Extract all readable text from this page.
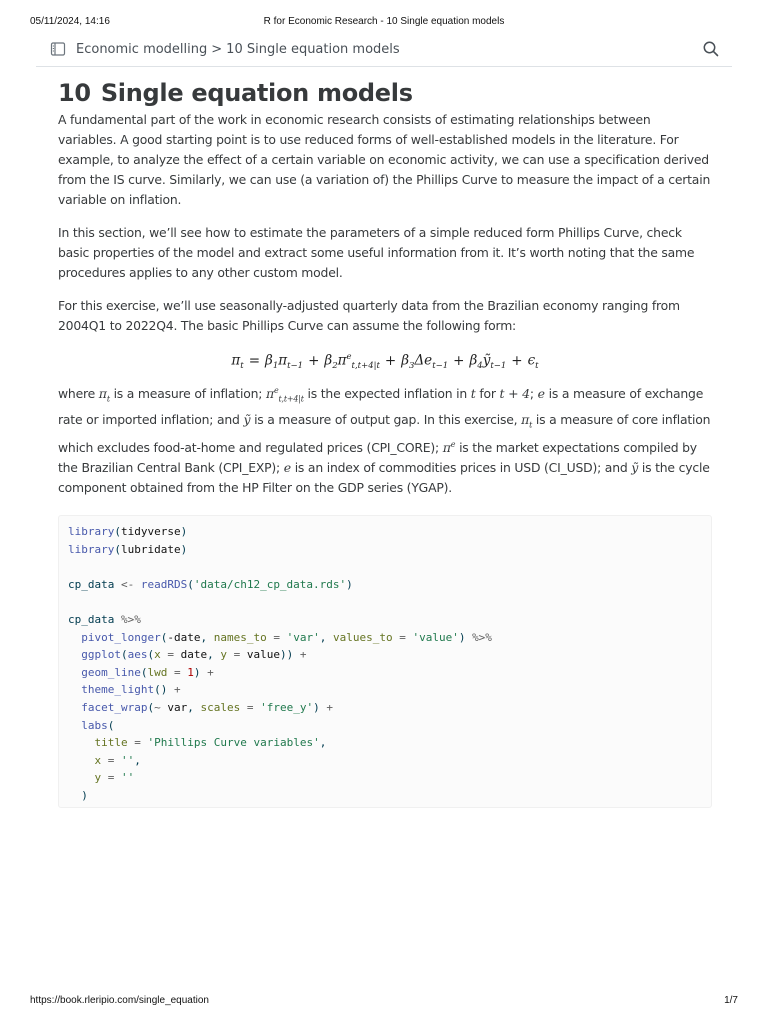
05/11/2024, 14:16	R for Economic Research - 10 Single equation models
Economic modelling > 10 Single equation models
10 Single equation models

A fundamental part of the work in economic research consists of estimating relationships between variables. A good starting point is to use reduced forms of well-established models in the literature. For example, to analyze the effect of a certain variable on economic activity, we can use a specification derived from the IS curve. Similarly, we can use (a variation of) the Phillips Curve to measure the impact of a certain variable on inflation.

In this section, we’ll see how to estimate the parameters of a simple reduced form Phillips Curve, check basic properties of the model and extract some useful information from it. It’s worth noting that the same procedures applies to any other custom model.

For this exercise, we’ll use seasonally-adjusted quarterly data from the Brazilian economy ranging from 2004Q1 to 2022Q4. The basic Phillips Curve can assume the following form:

$\pi_t = \beta_1\pi_{t-1} + \beta_2\pi^e_{t,t+4|t} + \beta_3\Delta e_{t-1}$ + $\beta_4ỹ_{t-1} + \epsilon_t$

where $\pi_t$ is a measure of inflation; $\pi^e_{t,t+4|t}$ is the expected inflation in t for t + 4; e is a measure of exchange rate or imported inflation; and ỹ is a measure of output gap. In this exercise, $\pi_t$ is a measure of core inflation which excludes food-at-home and regulated prices (CPI_CORE); $\pi^e$ is the market expectations compiled by the Brazilian Central Bank (CPI_EXP); e is an index of commodities prices in USD (CI_USD); and ỹ is the cycle component obtained from the HP Filter on the GDP series (YGAP).

library(tidyverse)
library(lubridate)

cp_data <- readRDS('data/ch12_cp_data.rds')

cp_data %>%
pivot_longer(-date, names_to = 'var', values_to = 'value') %>%
ggplot(aes(x = date, y = value)) +
geom_line(lwd = 1) +
theme_light() +
facet_wrap(~ var, scales = 'free_y') +
labs(
title = 'Phillips Curve variables',
x = '',
y = ''
)
https://book.rleripio.com/single_equation	1/7
